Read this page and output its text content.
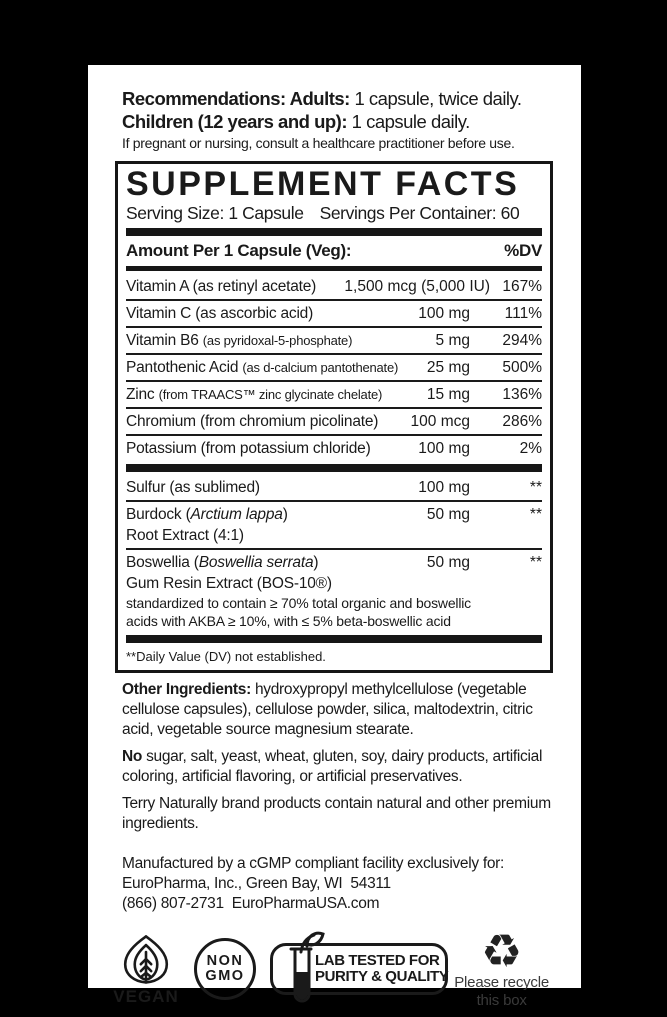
Recommendations: Adults: 1 capsule, twice daily.

Children (12 years and up): 1 capsule daily.

If pregnant or nursing, consult a healthcare practitioner before use.

SUPPLEMENT FACTS
Serving Size: 1 Capsule Servings Per Container: 60
Amount Per 1 Capsule (Veg):	%DV
Vitamin A (as retinyl acetate)	1,500 mcg (5,000 IU) 167%
Vitamin C (as ascorbic acid)	100 mg	111%
Vitamin B6 (as pyridoxal-5-phosphate)	5 mg	294%
Pantothenic Acid (as d-calcium pantothenate)	25 mg	500%
Zinc (from TRAACS™ zinc glycinate chelate)	15 mg	136%
Chromium (from chromium picolinate)	100 mcg	286%
Potassium (from potassium chloride)	100 mg	2%
Sulfur (as sublimed)	100 mg	**
Burdock (Arctium lappa)	50 mg	**
Root Extract (4:1)
Boswellia (Boswellia serrata)	50 mg	**
Gum Resin Extract (BOS-10®)
standardized to contain ≥ 70% total organic and boswellic
acids with AKBA ≥ 10%, with ≤ 5% beta-boswellic acid
**Daily Value (DV) not established.

Other Ingredients: hydroxypropyl methylcellulose (vegetable cellulose capsules), cellulose powder, silica, maltodextrin, citric acid, vegetable source magnesium stearate.

No sugar, salt, yeast, wheat, gluten, soy, dairy products, artificial coloring, artificial flavoring, or artificial preservatives.

Terry Naturally brand products contain natural and other premium ingredients.

Manufactured by a cGMP compliant facility exclusively for:

EuroPharma, Inc., Green Bay, WI  54311

(866) 807-2731  EuroPharmaUSA.com

VEGAN
NON
GMO
LAB TESTED FOR
PURITY & QUALITY ♻
Please recycle
this box
